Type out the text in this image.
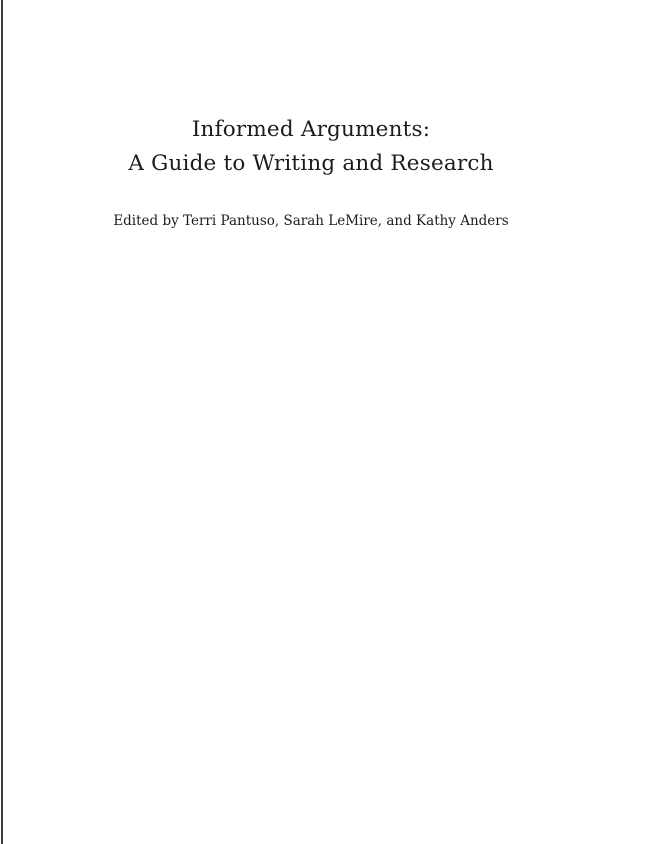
Informed Arguments:
A Guide to Writing and Research
Edited by Terri Pantuso, Sarah LeMire, and Kathy Anders
